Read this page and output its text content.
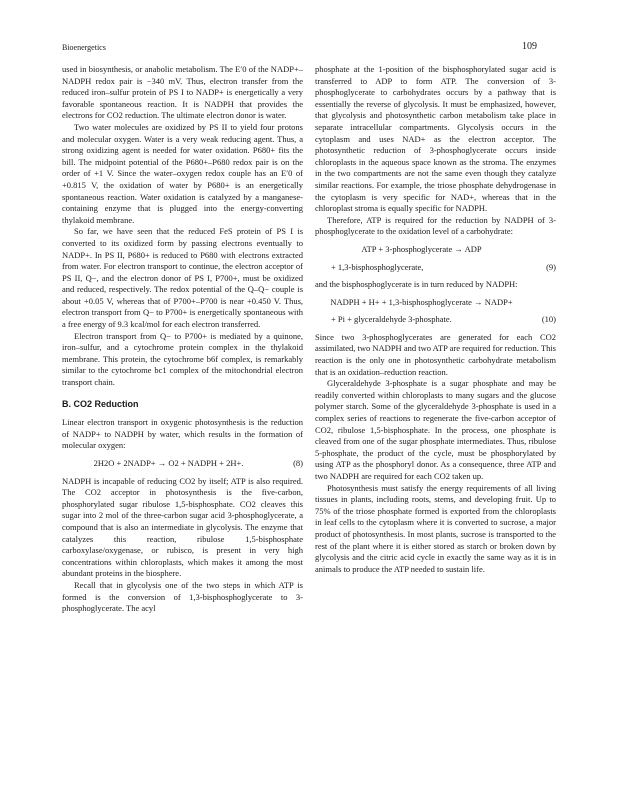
Bioenergetics	109

used in biosynthesis, or anabolic metabolism. The E′0 of the NADP+–NADPH redox pair is −340 mV. Thus, electron transfer from the reduced iron–sulfur protein of PS I to NADP+ is energetically a very favorable spontaneous reaction. It is NADPH that provides the electrons for CO2 reduction. The ultimate electron donor is water.

Two water molecules are oxidized by PS II to yield four protons and molecular oxygen. Water is a very weak reducing agent. Thus, a strong oxidizing agent is needed for water oxidation. P680+ fits the bill. The midpoint potential of the P680+–P680 redox pair is on the order of +1 V. Since the water–oxygen redox couple has an E′0 of +0.815 V, the oxidation of water by P680+ is an energetically spontaneous reaction. Water oxidation is catalyzed by a manganese-containing enzyme that is plugged into the energy-converting thylakoid membrane.

So far, we have seen that the reduced FeS protein of PS I is converted to its oxidized form by passing electrons eventually to NADP+. In PS II, P680+ is reduced to P680 with electrons extracted from water. For electron transport to continue, the electron acceptor of PS II, Q−, and the electron donor of PS I, P700+, must be oxidized and reduced, respectively. The redox potential of the Q–Q− couple is about +0.05 V, whereas that of P700+–P700 is near +0.450 V. Thus, electron transport from Q− to P700+ is energetically spontaneous with a free energy of 9.3 kcal/mol for each electron transferred.

Electron transport from Q− to P700+ is mediated by a quinone, iron–sulfur, and a cytochrome protein complex in the thylakoid membrane. This protein, the cytochrome b6f complex, is remarkably similar to the cytochrome bc1 complex of the mitochondrial electron transport chain.

B. CO2 Reduction

Linear electron transport in oxygenic photosynthesis is the reduction of NADP+ to NADPH by water, which results in the formation of molecular oxygen:

2H2O + 2NADP+ → O2 + NADPH + 2H+.	(8)

NADPH is incapable of reducing CO2 by itself; ATP is also required. The CO2 acceptor in photosynthesis is the five-carbon, phosphorylated sugar ribulose 1,5-bisphosphate. CO2 cleaves this sugar into 2 mol of the three-carbon sugar acid 3-phosphoglycerate, a compound that is also an intermediate in glycolysis. The enzyme that catalyzes this reaction, ribulose 1,5-bisphosphate carboxylase/oxygenase, or rubisco, is present in very high concentrations within chloroplasts, which makes it among the most abundant proteins in the biosphere.

Recall that in glycolysis one of the two steps in which ATP is formed is the conversion of 1,3-bisphosphoglycerate to 3-phosphoglycerate. The acyl

phosphate at the 1-position of the bisphosphorylated sugar acid is transferred to ADP to form ATP. The conversion of 3-phosphoglycerate to carbohydrates occurs by a pathway that is essentially the reverse of glycolysis. It must be emphasized, however, that glycolysis and photosynthetic carbon metabolism take place in separate intracellular compartments. Glycolysis occurs in the cytoplasm and uses NAD+ as the electron acceptor. The photosynthetic reduction of 3-phosphoglycerate occurs inside chloroplasts in the aqueous space known as the stroma. The enzymes in the two compartments are not the same even though they catalyze similar reactions. For example, the triose phosphate dehydrogenase in the cytoplasm is very specific for NAD+, whereas that in the chloroplast stroma is equally specific for NADPH.

Therefore, ATP is required for the reduction by NADPH of 3-phosphoglycerate to the oxidation level of a carbohydrate:

ATP + 3-phosphoglycerate → ADP
+ 1,3-bisphosphoglycerate,	(9)

and the bisphosphoglycerate is in turn reduced by NADPH:

NADPH + H+ + 1,3-bisphosphoglycerate → NADP+
+ Pi + glyceraldehyde 3-phosphate.	(10)

Since two 3-phosphoglycerates are generated for each CO2 assimilated, two NADPH and two ATP are required for reduction. This reaction is the only one in photosynthetic carbohydrate metabolism that is an oxidation–reduction reaction.

Glyceraldehyde 3-phosphate is a sugar phosphate and may be readily converted within chloroplasts to many sugars and the glucose polymer starch. Some of the glyceraldehyde 3-phosphate is used in a complex series of reactions to regenerate the five-carbon acceptor of CO2, ribulose 1,5-bisphosphate. In the process, one phosphate is cleaved from one of the sugar phosphate intermediates. Thus, ribulose 5-phosphate, the product of the cycle, must be phosphorylated by using ATP as the phosphoryl donor. As a consequence, three ATP and two NADPH are required for each CO2 taken up.

Photosynthesis must satisfy the energy requirements of all living tissues in plants, including roots, stems, and developing fruit. Up to 75% of the triose phosphate formed is exported from the chloroplasts in leaf cells to the cytoplasm where it is converted to sucrose, a major product of photosynthesis. In most plants, sucrose is transported to the rest of the plant where it is either stored as starch or broken down by glycolysis and the citric acid cycle in exactly the same way as it is in animals to produce the ATP needed to sustain life.
